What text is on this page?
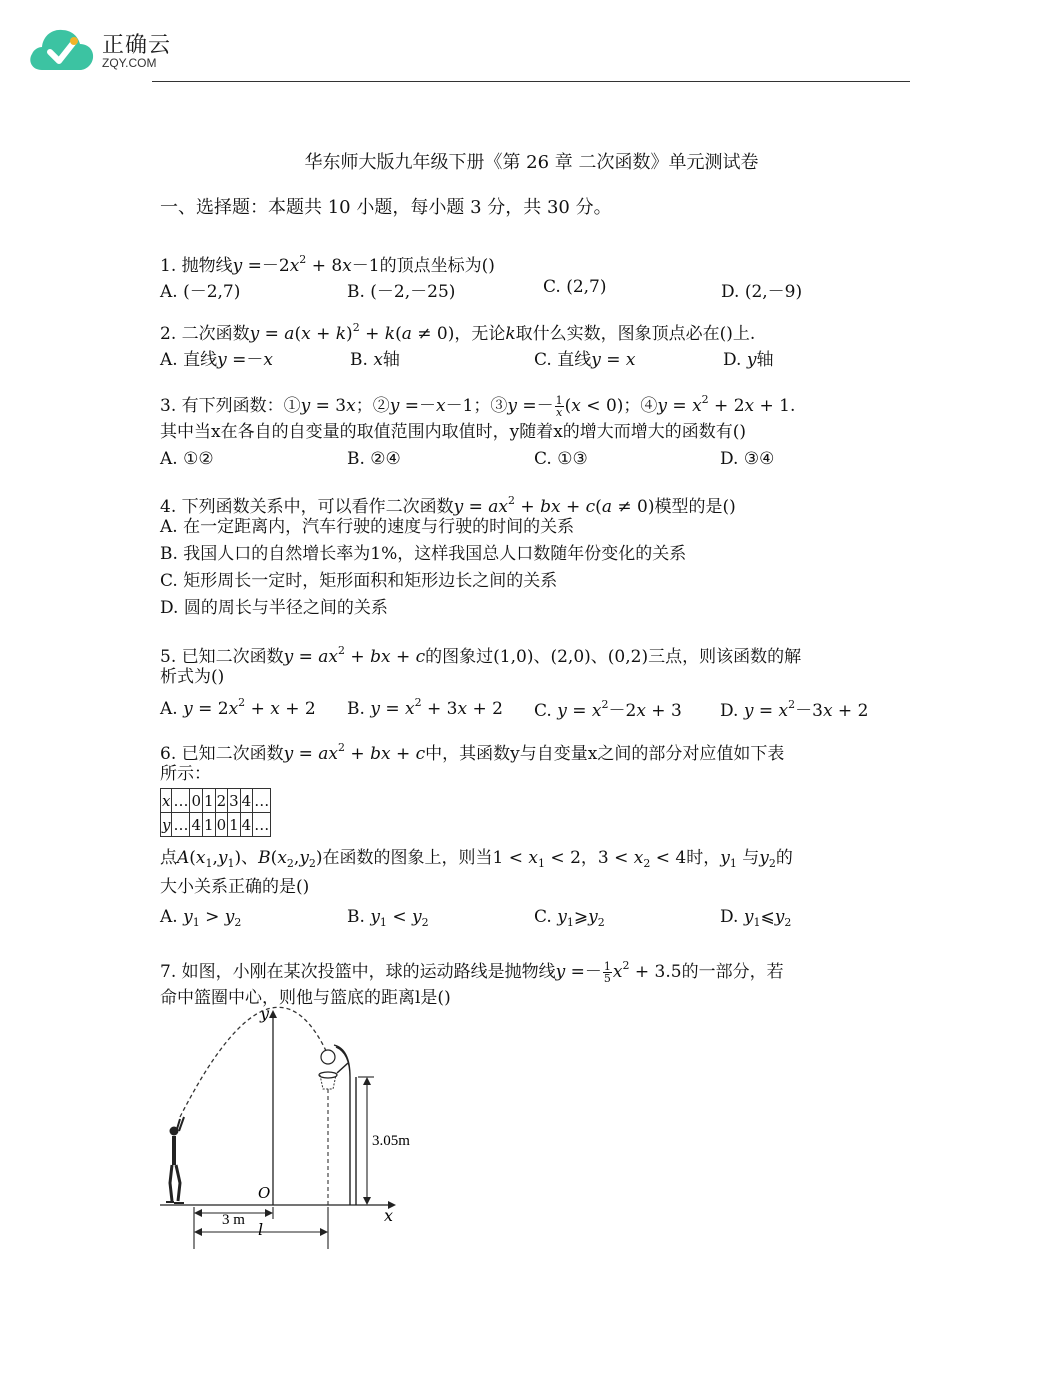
正确云
ZQY.COM
华东师大版九年级下册《第 26 章 二次函数》单元测试卷
一、选择题：本题共 10 小题，每小题 3 分，共 30 分。
1. 抛物线$y =-2x^2 + 8x-1$的顶点坐标为()
A. (－2,7)	B. (－2,－25)	C. (2,7)	D. (2,－9)
2. 二次函数$y = a(x + k)^2 + k(a \ne 0)$，无论k取什么实数，图象顶点必在()上.
A. 直线y =－x	B. x轴	C. 直线y = x	D. y轴
3. 有下列函数：①y = 3x；②y =－x－1；③y =－ $\frac{1}{x} (x < 0)$；④y = $x^2 + 2x + 1$.
其中当x在各自的自变量的取值范围内取值时，y随着x的增大而增大的函数有()
A. ①②	B. ②④	C. ①③	D. ③④
4. 下列函数关系中，可以看作二次函数$y = ax^2$ + bx + c(a ≠ 0)模型的是()
A. 在一定距离内，汽车行驶的速度与行驶的时间的关系
B. 我国人口的自然增长率为1%，这样我国总人口数随年份变化的关系
C. 矩形周长一定时，矩形面积和矩形边长之间的关系
D. 圆的周长与半径之间的关系
5. 已知二次函数$y = ax^2$ + bx + c的图象过(1,0)、(2,0)、(0,2)三点，则该函数的解
析式为()
A. $y = 2x^2 + x + 2$ B. $y = x^2 + 3x + 2$ C. $y = x^2-2x + 3$ D. $y = x^2-3x + 2$
6. 已知二次函数$y = ax^2$ + bx + c中，其函数y与自变量x之间的部分对应值如下表
所示：
x	…	0	1	2	3	4	…
y	…	4	1	0	1	4	…
点$A(x_1,y_1)$、$B(x_2,y_2)$在函数的图象上，则当$1 < x_1 < 2$，$3 < x_2 < 4$时，$y_1$ 与$y_2$的
大小关系正确的是()
A. $y_1 > y_2$	B. $y_1 < y_2$	C. $y_1⩾y_2$	D. $y_1⩽y_2$
7. 如图，小刚在某次投篮中，球的运动路线是抛物线$y =- \frac{1}{5} x^2 + 3.5$的一部分，若
命中篮圈中心，则他与篮底的距离l是()
x
y
O
3.05m
3 m l
